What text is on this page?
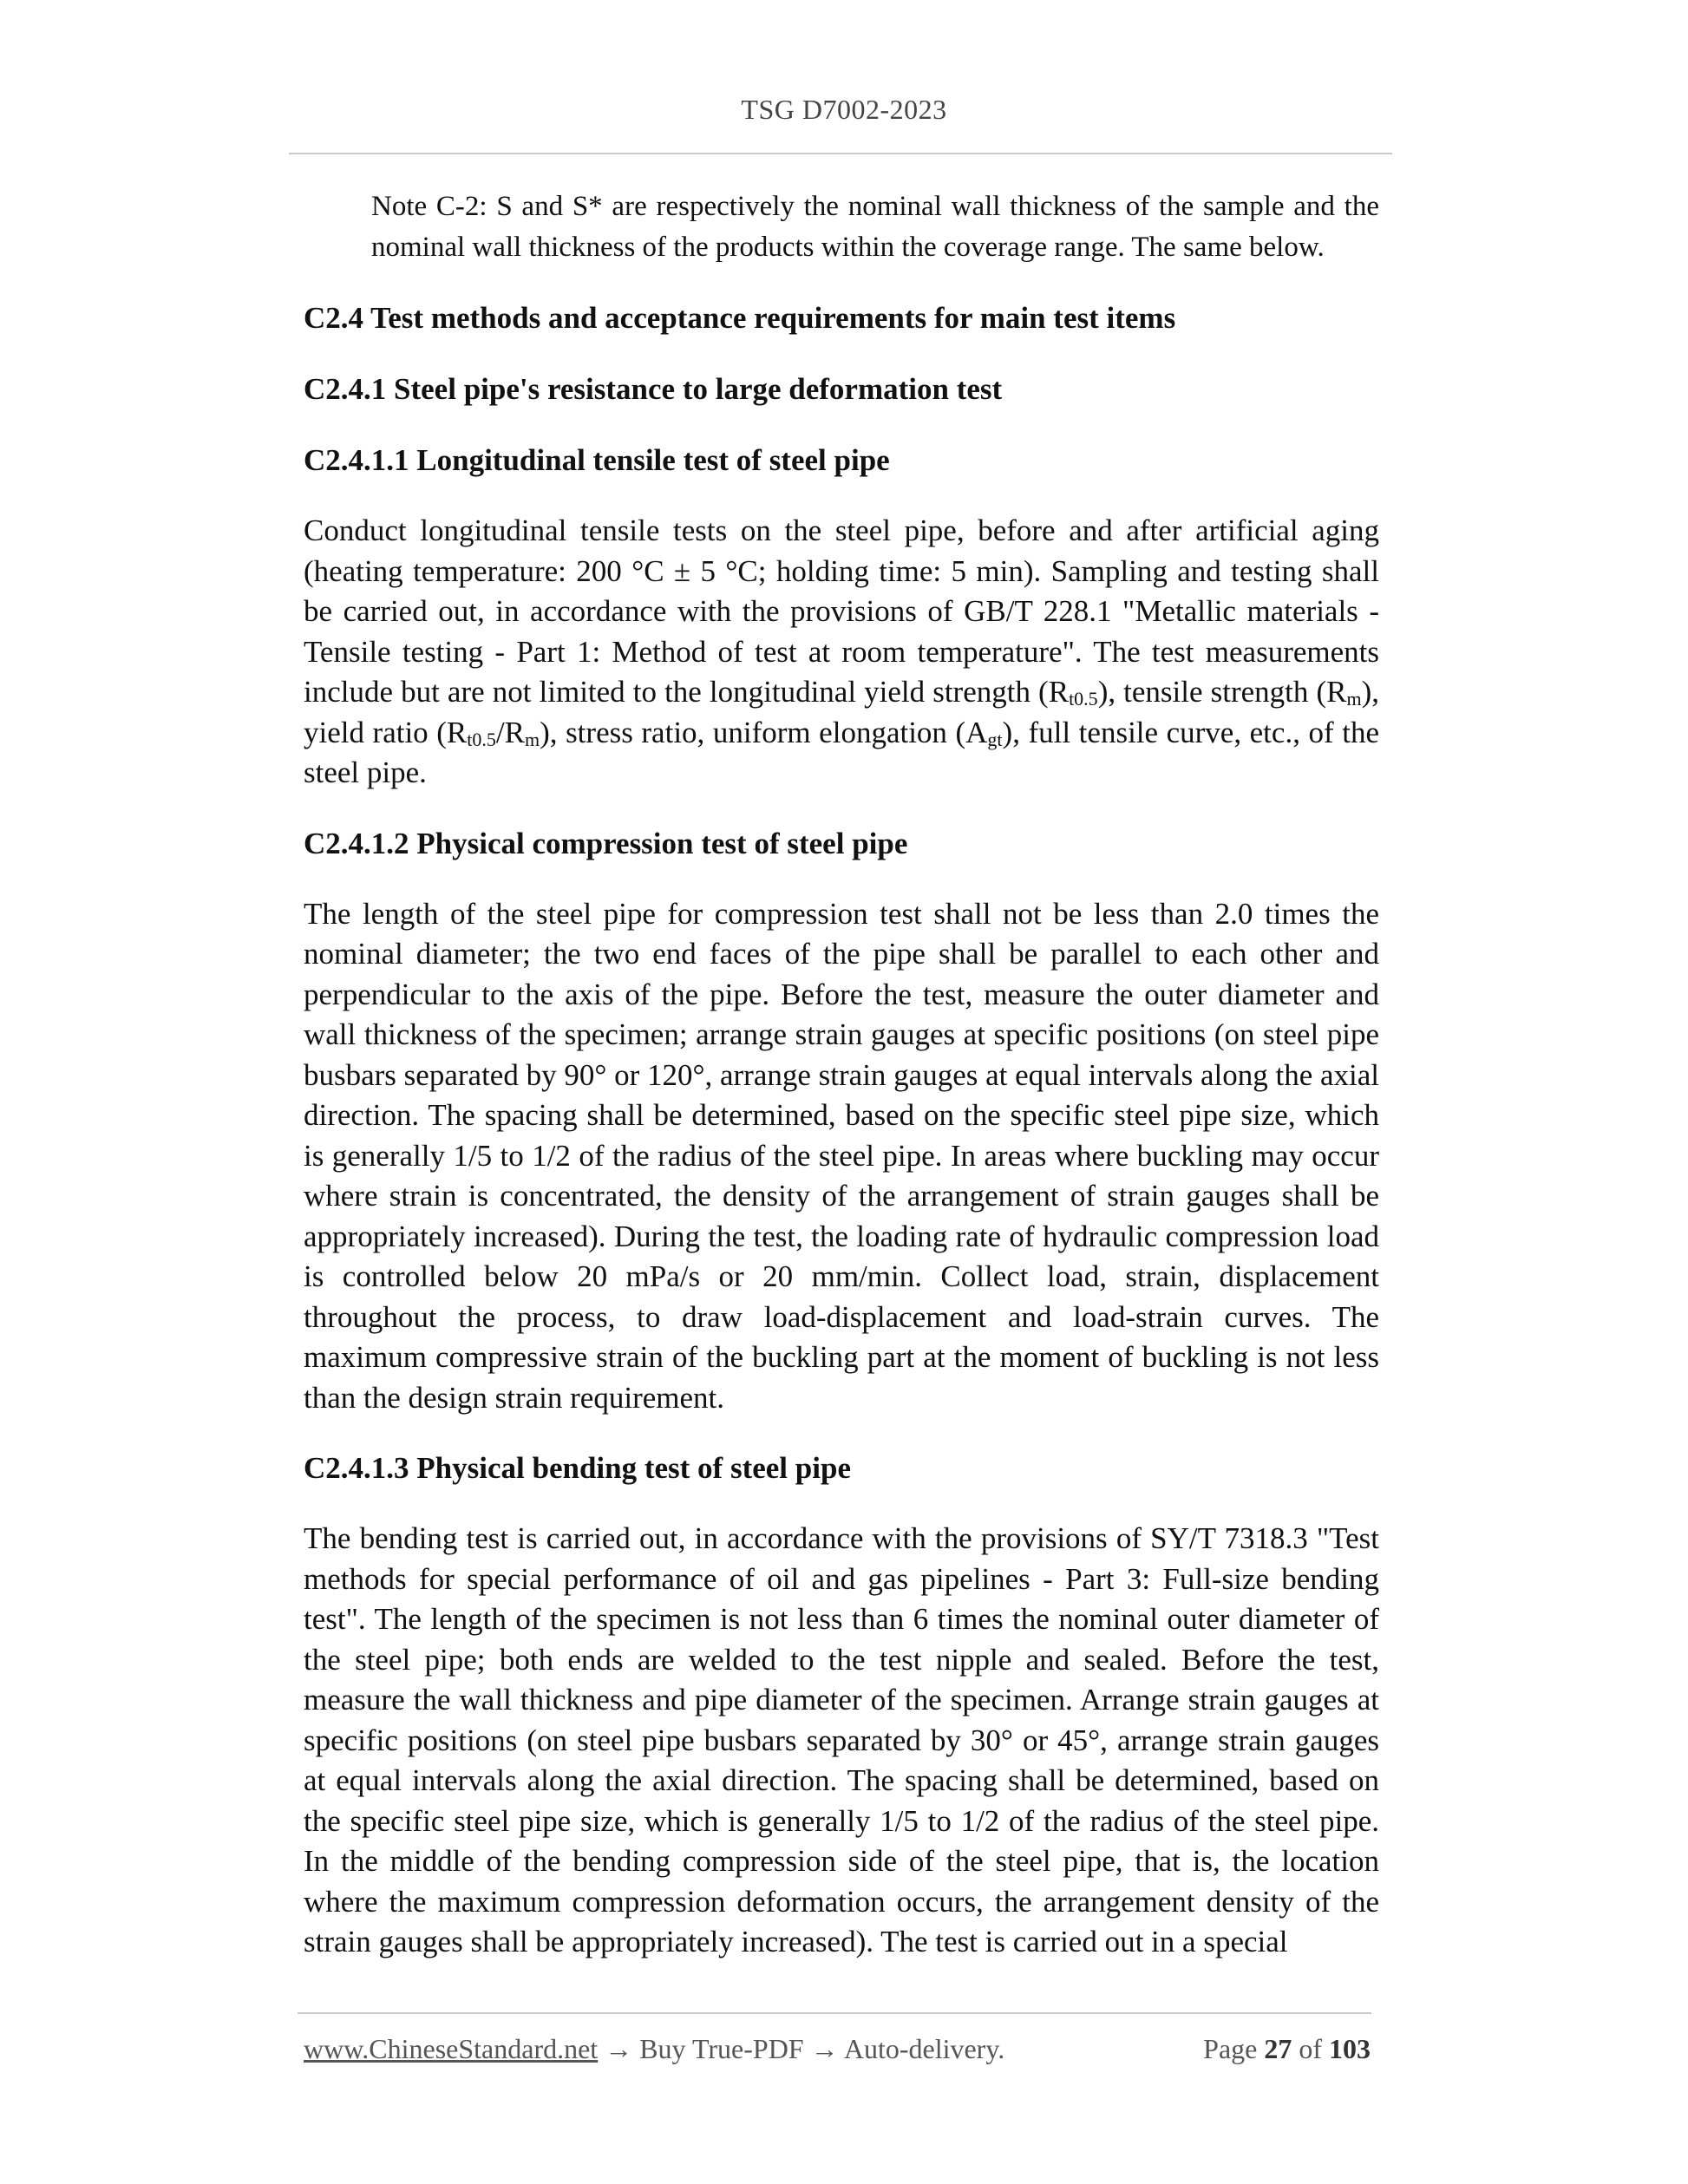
TSG D7002-2023
Note C-2: S and S* are respectively the nominal wall thickness of the sample and the nominal wall thickness of the products within the coverage range. The same below.
C2.4 Test methods and acceptance requirements for main test items
C2.4.1 Steel pipe's resistance to large deformation test
C2.4.1.1 Longitudinal tensile test of steel pipe
Conduct longitudinal tensile tests on the steel pipe, before and after artificial aging (heating temperature: 200 °C ± 5 °C; holding time: 5 min). Sampling and testing shall be carried out, in accordance with the provisions of GB/T 228.1 "Metallic materials - Tensile testing - Part 1: Method of test at room temperature". The test measurements include but are not limited to the longitudinal yield strength $(R_{t0.5})$, tensile strength $(R_m)$, yield ratio $(R_{t0.5}/R_m)$, stress ratio, uniform elongation $(A_{gt})$, full tensile curve, etc., of the steel pipe.
C2.4.1.2 Physical compression test of steel pipe
The length of the steel pipe for compression test shall not be less than 2.0 times the nominal diameter; the two end faces of the pipe shall be parallel to each other and perpendicular to the axis of the pipe. Before the test, measure the outer diameter and wall thickness of the specimen; arrange strain gauges at specific positions (on steel pipe busbars separated by 90° or 120°, arrange strain gauges at equal intervals along the axial direction. The spacing shall be determined, based on the specific steel pipe size, which is generally 1/5 to 1/2 of the radius of the steel pipe. In areas where buckling may occur where strain is concentrated, the density of the arrangement of strain gauges shall be appropriately increased). During the test, the loading rate of hydraulic compression load is controlled below 20 mPa/s or 20 mm/min. Collect load, strain, displacement throughout the process, to draw load-displacement and load-strain curves. The maximum compressive strain of the buckling part at the moment of buckling is not less than the design strain requirement.
C2.4.1.3 Physical bending test of steel pipe
The bending test is carried out, in accordance with the provisions of SY/T 7318.3 "Test methods for special performance of oil and gas pipelines - Part 3: Full-size bending test". The length of the specimen is not less than 6 times the nominal outer diameter of the steel pipe; both ends are welded to the test nipple and sealed. Before the test, measure the wall thickness and pipe diameter of the specimen. Arrange strain gauges at specific positions (on steel pipe busbars separated by 30° or 45°, arrange strain gauges at equal intervals along the axial direction. The spacing shall be determined, based on the specific steel pipe size, which is generally 1/5 to 1/2 of the radius of the steel pipe. In the middle of the bending compression side of the steel pipe, that is, the location where the maximum compression deformation occurs, the arrangement density of the strain gauges shall be appropriately increased). The test is carried out in a special
www.ChineseStandard.net → Buy True-PDF → Auto-delivery.	Page 27 of 103
